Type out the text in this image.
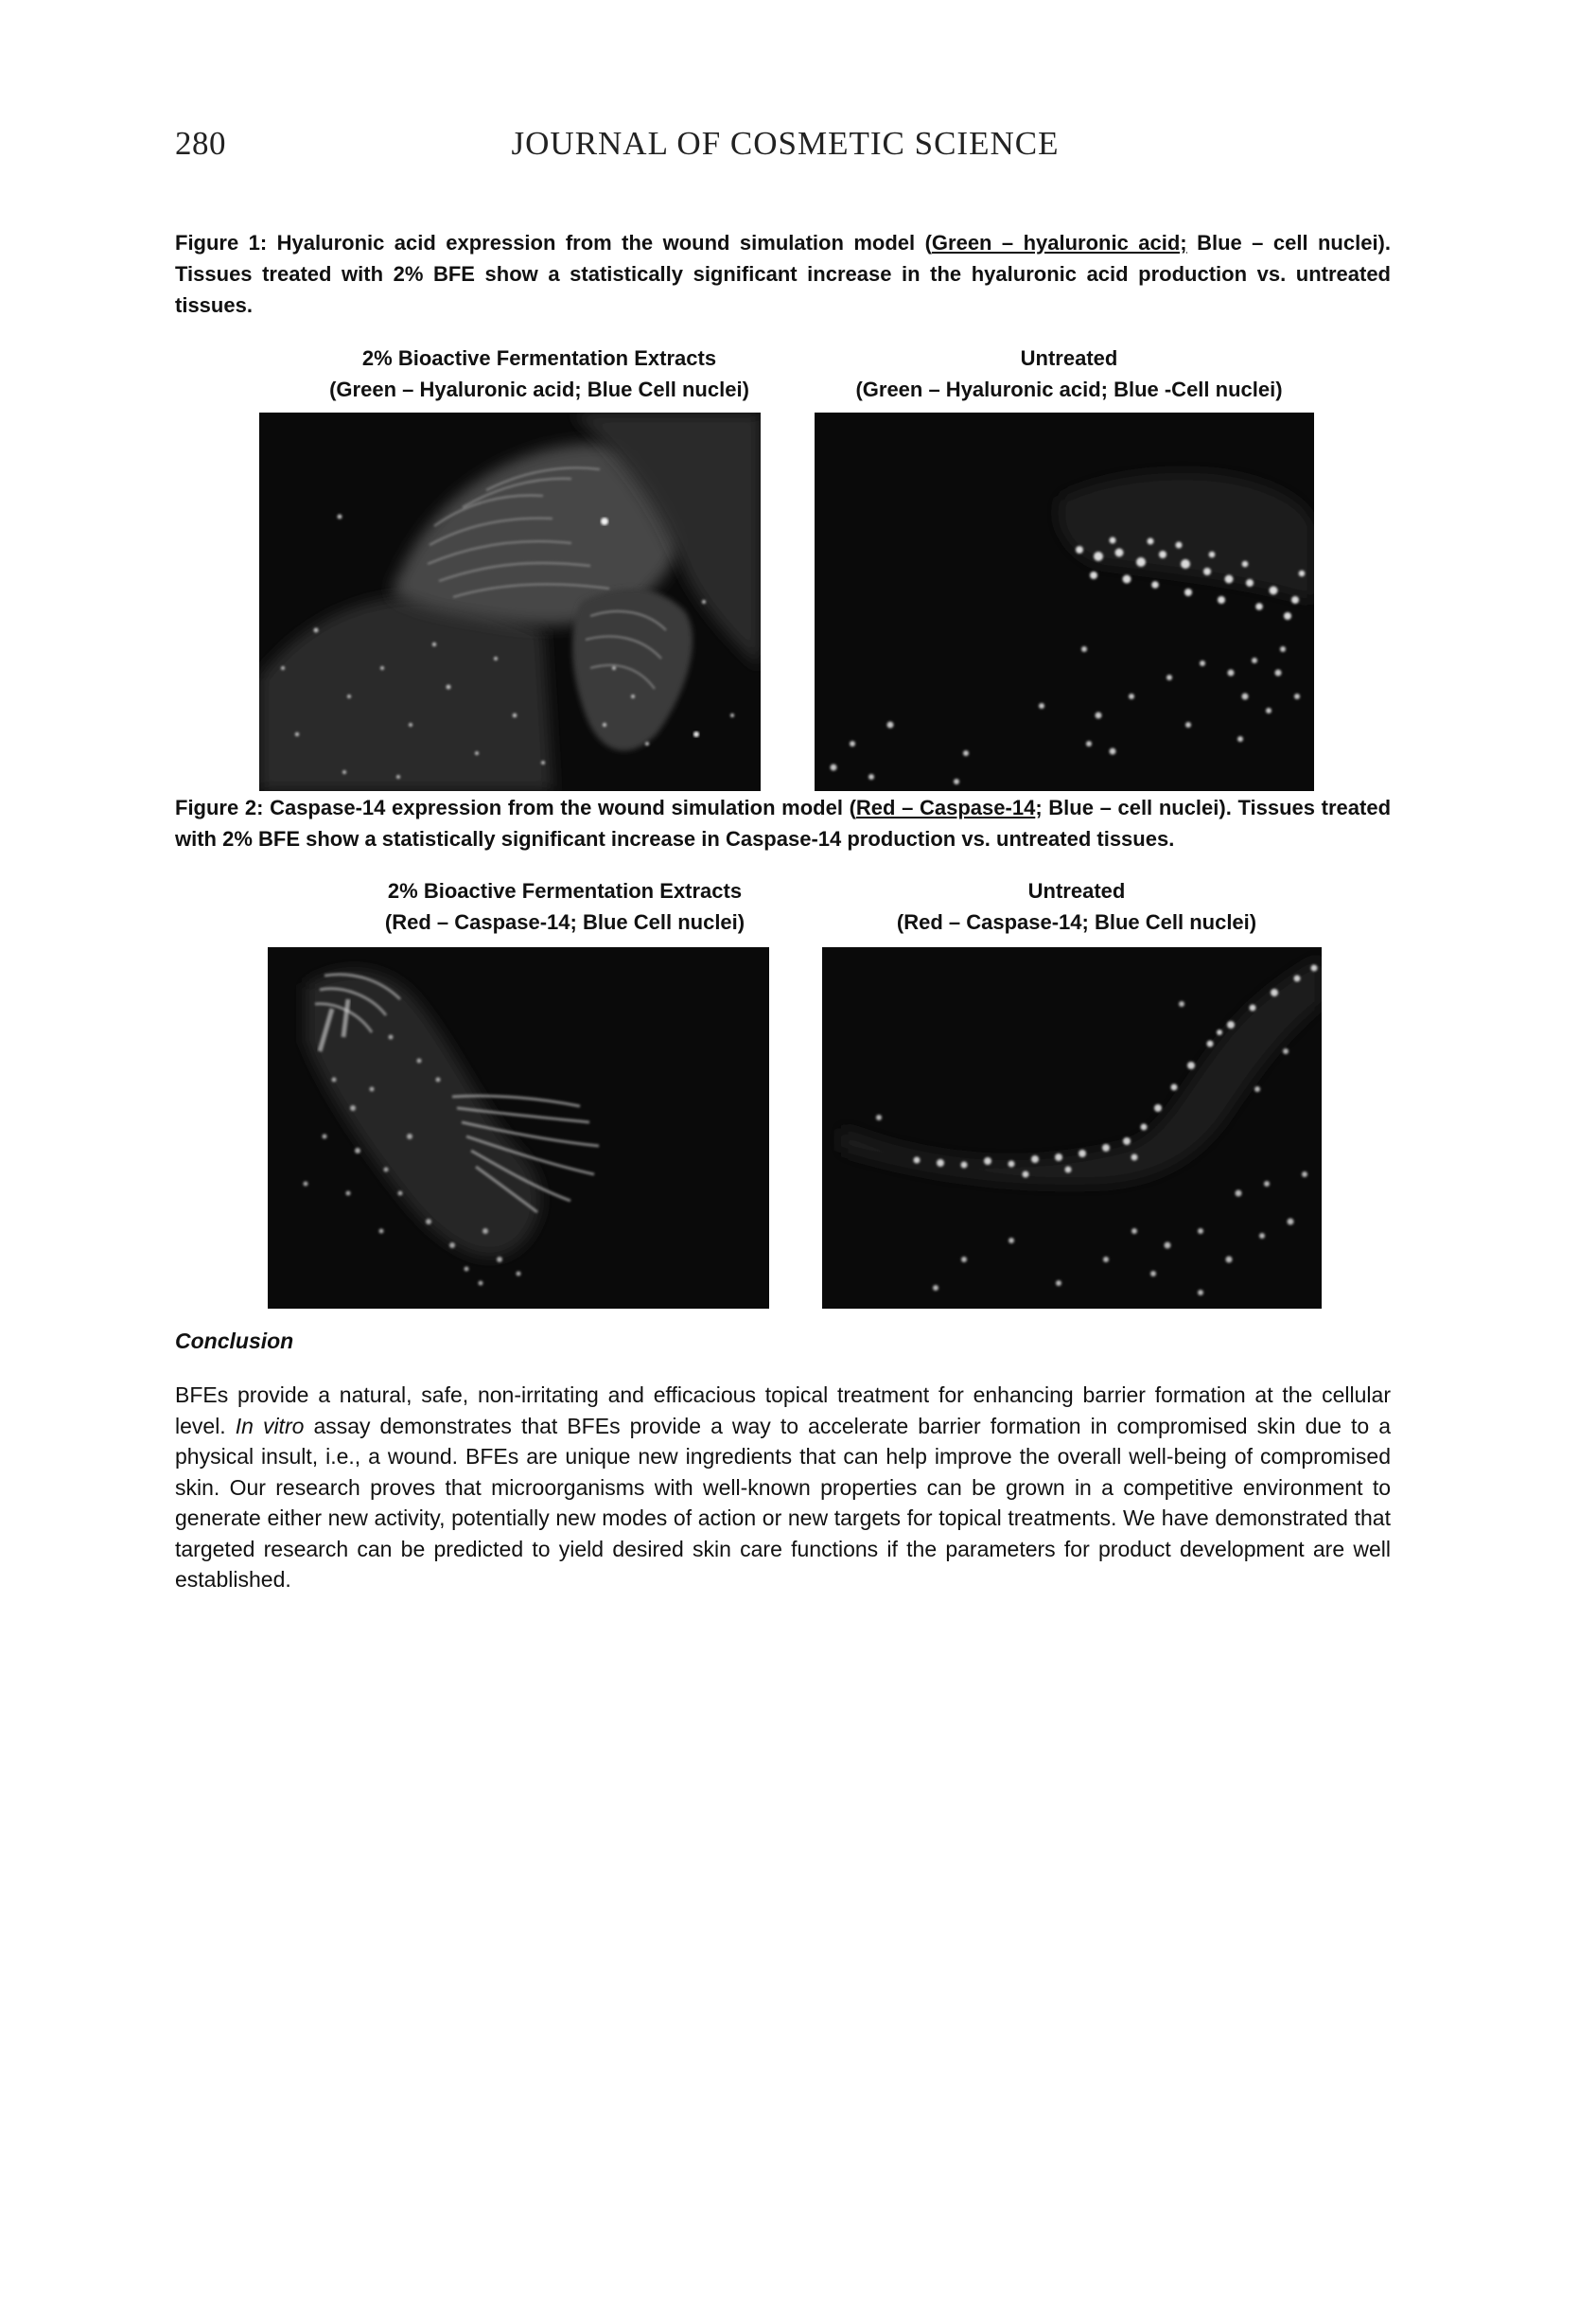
280	JOURNAL OF COSMETIC SCIENCE
Figure 1: Hyaluronic acid expression from the wound simulation model (Green – hyaluronic acid; Blue – cell nuclei). Tissues treated with 2% BFE show a statistically significant increase in the hyaluronic acid production vs. untreated tissues.
2% Bioactive Fermentation Extracts
(Green – Hyaluronic acid; Blue Cell nuclei)
Untreated
(Green – Hyaluronic acid; Blue -Cell nuclei)
Figure 2: Caspase-14 expression from the wound simulation model (Red – Caspase-14; Blue – cell nuclei). Tissues treated with 2% BFE show a statistically significant increase in Caspase-14 production vs. untreated tissues.
2% Bioactive Fermentation Extracts
(Red – Caspase-14; Blue Cell nuclei)
Untreated
(Red – Caspase-14; Blue Cell nuclei)
Conclusion
BFEs provide a natural, safe, non-irritating and efficacious topical treatment for enhancing barrier formation at the cellular level. In vitro assay demonstrates that BFEs provide a way to accelerate barrier formation in compromised skin due to a physical insult, i.e., a wound. BFEs are unique new ingredients that can help improve the overall well-being of compromised skin. Our research proves that microorganisms with well-known properties can be grown in a competitive environment to generate either new activity, potentially new modes of action or new targets for topical treatments. We have demonstrated that targeted research can be predicted to yield desired skin care functions if the parameters for product development are well established.
